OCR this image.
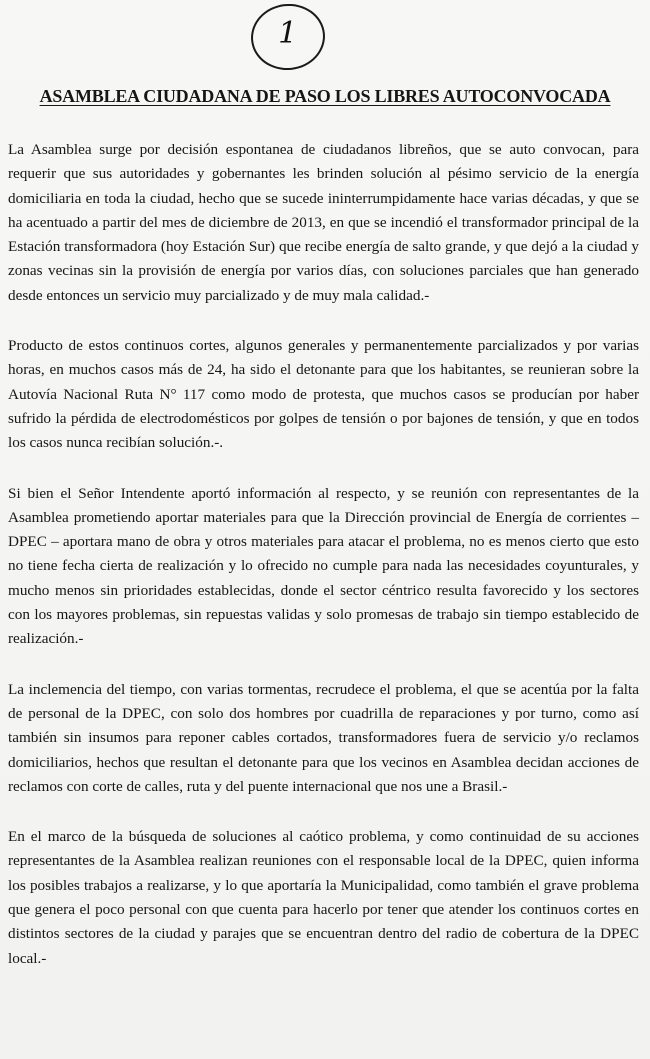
1
ASAMBLEA CIUDADANA DE PASO LOS LIBRES AUTOCONVOCADA

La Asamblea surge por decisión espontanea de ciudadanos libreños, que se auto convocan, para requerir que sus autoridades y gobernantes les brinden solución al pésimo servicio de la energía domiciliaria en toda la ciudad, hecho que se sucede ininterrumpidamente hace varias décadas, y que se ha acentuado a partir del mes de diciembre de 2013, en que se incendió el transformador principal de la Estación transformadora (hoy Estación Sur) que recibe energía de salto grande, y que dejó a la ciudad y zonas vecinas sin la provisión de energía por varios días, con soluciones parciales que han generado desde entonces un servicio muy parcializado y de muy mala calidad.-

Producto de estos continuos cortes, algunos generales y permanentemente parcializados y por varias horas, en muchos casos más de 24, ha sido el detonante para que los habitantes, se reunieran sobre la Autovía Nacional Ruta N° 117 como modo de protesta, que muchos casos se producían por haber sufrido la pérdida de electrodomésticos por golpes de tensión o por bajones de tensión, y que en todos los casos nunca recibían solución.-.

Si bien el Señor Intendente aportó información al respecto, y se reunión con representantes de la Asamblea prometiendo aportar materiales para que la Dirección provincial de Energía de corrientes – DPEC – aportara mano de obra y otros materiales para atacar el problema, no es menos cierto que esto no tiene fecha cierta de realización y lo ofrecido no cumple para nada las necesidades coyunturales, y mucho menos sin prioridades establecidas, donde el sector céntrico resulta favorecido y los sectores con los mayores problemas, sin repuestas validas y solo promesas de trabajo sin tiempo establecido de realización.-

La inclemencia del tiempo, con varias tormentas, recrudece el problema, el que se acentúa por la falta de personal de la DPEC, con solo dos hombres por cuadrilla de reparaciones y por turno, como así también sin insumos para reponer cables cortados, transformadores fuera de servicio y/o reclamos domiciliarios, hechos que resultan el detonante para que los vecinos en Asamblea decidan acciones de reclamos con corte de calles, ruta y del puente internacional que nos une a Brasil.-

En el marco de la búsqueda de soluciones al caótico problema, y como continuidad de su acciones representantes de la Asamblea realizan reuniones con el responsable local de la DPEC, quien informa los posibles trabajos a realizarse, y lo que aportaría la Municipalidad, como también el grave problema que genera el poco personal con que cuenta para hacerlo por tener que atender los continuos cortes en distintos sectores de la ciudad y parajes que se encuentran dentro del radio de cobertura de la DPEC local.-
